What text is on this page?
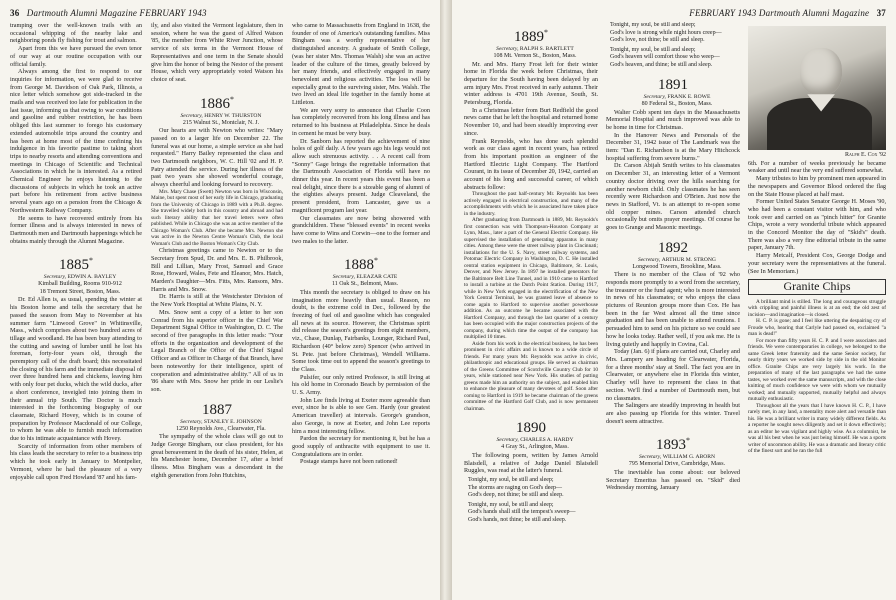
36 Dartmouth Alumni Magazine FEBRUARY 1943

tramping over the well-known trails with an occasional whipping of the nearby lake and neighboring ponds fly fishing for trout and salmon.

Apart from this we have pursued the even tenor of our way at our routine occupation with our official family.

Always among the first to respond to our inquiries for information, we were glad to receive from George M. Davidson of Oak Park, Illinois, a nice letter which somehow got side-tracked in the mails and was received too late for publication in the last issue, informing us that owing to war conditions and gasoline and rubber restriction, he has been obliged this last summer to forego his customary extended automobile trips around the country and has been at home most of the time confining his indulgence in his favorite pastime to taking short trips to nearby resorts and attending conventions and meetings in Chicago of Scientific and Technical Associations in which he is interested. As a retired Chemical Engineer he enjoys listening to the discussions of subjects in which he took an active part before his retirement from active business several years ago on a pension from the Chicago & Northwestern Railway Company.

He seems to have recovered entirely from his former illness and is always interested in news of Dartmouth men and Dartmouth happenings which he obtains mainly through the Alumni Magazine.

1885*

Secretary, EDWIN A. BAYLEY

Kimball Building, Rooms 910-912

18 Tremont Street, Boston, Mass.

Dr. Ed Allen is, as usual, spending the winter at his Boston home and tells the secretary that he passed the season from May to November at his summer farm "Linwood Grove" in Whitinsville, Mass., which comprises about two hundred acres of tillage and woodland. He has been busy attending to the cutting and sawing of lumber until he lost his foreman, forty-four years old, through the peremptory call of the draft board; this necessitated the closing of his farm and the immediate disposal of over three hundred hens and chickens, leaving him with only four pet ducks, which the wild ducks, after a short conference, inveigled into joining them in their annual trip South. The Doctor is much interested in the forthcoming biography of our classmate, Richard Hovey, which is in course of preparation by Professor Macdonald of our College, to whom he was able to furnish much information due to his intimate acquaintance with Hovey.

Scarcity of information from other members of his class leads the secretary to refer to a business trip which he took early in January to Montpelier, Vermont, where he had the pleasure of a very enjoyable call upon Fred Howland '87 and his fam-

ily, and also visited the Vermont legislature, then in session, where he was the guest of Alfred Watson '85, the member from White River Junction, whose service of six terms in the Vermont House of Representatives and one term in the Senate should give him the honor of being the Nestor of the present House, which very appropriately voted Watson his choice of seat.

1886*

Secretary, HENRY W. THURSTON

215 Walnut St., Montclair, N. J.

Our hearts are with Newton who writes: "Mary passed on to a larger life on December 22. The funeral was at our home, a simple service as she had requested." Harry Bailey represented the class and two Dartmouth neighbors, W. C. Hill '02 and H. P. Patry attended the service. During her illness of the past two years she showed wonderful courage, always cheerful and looking forward to recovery.

Mrs. Mary Chase (Swett) Newton was born in Wisconsin, Maine, but spent most of her early life in Chicago, graduating from the University of Chicago in 1889 with a Ph.B. degree. She travelled widely both in this country and abroad and had such literary ability that her travel letters were often published. While in Chicago she was an active member of the Chicago Woman's Club. After she became Mrs. Newton she was active in the Newton Centre Woman's Club, the local Woman's Club and the Boston Woman's City Club.

Christmas greetings came to Newton or to the Secretary from Spud, Dr. and Mrs. E. B. Philbrook, Bill and Lillian, Mary Frost, Samuel and Grace Rose, Howard, Wales, Fete and Eleanor, Mrs. Hatch, Marden's Daughter—Mrs. Fitts, Mrs. Ransom, Mrs. Harris and Mrs. Snow.

Dr. Harris is still at the Westchester Division of the New York Hospital at White Plains, N. Y.

Mrs. Snow sent a copy of a letter to her son Conrad from his superior officer in the Chief War Department Signal Office in Washington, D. C. The second of five paragraphs in this letter reads: "Your efforts in the organization and development of the Legal Branch of the Office of the Chief Signal Officer and as Officer in Charge of that Branch, have been noteworthy for their intelligence, spirit of cooperation and administrative ability." All of us in '86 share with Mrs. Snow her pride in our Leslie's son.

1887

Secretary, STANLEY E. JOHNSON

1250 Reynolds Ave., Clearwater, Fla.

The sympathy of the whole class will go out to Judge George Bingham, our class president, for his great bereavement in the death of his sister, Helen, at his Manchester home, December 17, after a brief illness. Miss Bingham was a descendant in the eighth generation from John Hutchins,

who came to Massachusetts from England in 1638, the founder of one of America's outstanding families. Miss Bingham was a worthy representative of her distinguished ancestry. A graduate of Smith College, (was her sister Mrs. Thomas Walsh) she was an active leader of the culture of the times, greatly beloved by her many friends, and effectively engaged in many benevolent and religious activities. The loss will be especially great to the surviving sister, Mrs. Walsh. The two lived an ideal life together in the family home at Littleton.

We are very sorry to announce that Charlie Coon has completely recovered from his long illness and has returned to his business at Philadelphia. Since he deals in cement he must be very busy.

Dr. Sanborn has reported the achievement of nine holes of golf daily. A few years ago his legs would not allow such strenuous activity. . . A recent call from "Sonny" Gage brings the regrettable information that the Dartmouth Association of Florida will have no dinner this year. In recent years this event has been a real delight, since there is a sizeable gang of alumni of the eighties always present. Judge Cleaveland, the present president, from Lancaster, gave us a magnificent program last year.

Our classmates are now being showered with grandchildren. These "blessed events" in recent weeks have come to Wins and Corwin—one to the former and two males to the latter.

1888*

Secretary, ELEAZAR CATE

11 Oak St., Belmont, Mass.

This month the secretary is obliged to draw on his imagination more heavily than usual. Reason, no doubt, is the extreme cold in Dec., followed by the freezing of fuel oil and gasoline which has congealed all news at its source. However, the Christmas spirit did release the season's greetings from eight members, viz., Chase, Dunlap, Fairbanks, Lounger, Richard Paul, Richardson (40° below zero) Spencer (who arrived in St. Pete. just before Christmas), Wendell Williams. Some took time out to append the season's greetings to the Class.

Pulsifer, our only retired Professor, is still living at his old home in Coronado Beach by permission of the U. S. Army.

John Lee finds living at Exeter more agreeable than ever, since he is able to see Gen. Hardy (our greatest American traveller) at intervals. George's grandson, also George, is now at Exeter, and John Lee reports him a most interesting fellow.

Pardon the secretary for mentioning it, but he has a good supply of anthracite with equipment to use it. Congratulations are in order.

Postage stamps have not been rationed!

FEBRUARY 1943 Dartmouth Alumni Magazine 37
1889*

Secretary, RALPH S. BARTLETT

108 Mt. Vernon St., Boston, Mass.

Mr. and Mrs. Harry Frost left for their winter home in Florida the week before Christmas, their departure for the South having been delayed by an arm injury Mrs. Frost received in early autumn. Their winter address is 4701 19th Avenue, South, St. Petersburg, Florida.

In a Christmas letter from Burt Redfield the good news came that he left the hospital and returned home November 10, and had been steadily improving ever since.

Frank Reynolds, who has done such splendid work as our class agent in recent years, has retired from his important position as engineer of the Hartford Electric Light Company. The Hartford Courant, in its issue of December 20, 1942, carried an account of his long and successful career, of which abstracts follow:

Throughout the past half-century Mr. Reynolds has been actively engaged in electrical construction, and many of the accomplishments with which he is associated have taken place in the industry.

After graduating from Dartmouth in 1889, Mr. Reynolds's first connection was with Thompson-Houston Company at Lynn, Mass., later a part of the General Electric Company. He supervised the installation of generating apparatus in many cities. Among these were the street railway plant in Cincinnati; installations for the U. S. Navy, street railway systems, and Potomac Electric Company in Washington, D. C. He installed central station equipment in Chicago, Baltimore, St. Louis, Denver, and New Jersey. In 1897 he installed generators for the Baltimore Belt Line Tunnel, and in 1910 came to Hartford to install a turbine at the Dutch Point Station. During 1917, while in New York engaged in the electrification of the New York Central Terminal, he was granted leave of absence to come again to Hartford to supervise another powerhouse addition. As an outcome he became associated with the Hartford Company, and through the last quarter of a century has been occupied with the major construction projects of the company, during which time the output of the company has multiplied 10 times.

Aside from his work in the electrical business, he has been prominent in civic affairs and is known to a wide circle of friends. For many years Mr. Reynolds was active in civic, philanthropic and educational groups. He served as chairman of the Greens Committee of Scotchville Country Club for 10 years, while stationed near New York. His studies of putting greens made him an authority on the subject, and enabled him to enhance the pleasure of many devotees of golf. Soon after coming to Hartford in 1919 he became chairman of the greens committee of the Hartford Golf Club, and is now permanent chairman.

1890

Secretary, CHARLES A. HARDY

4 Gray St., Arlington, Mass.

The following poem, written by James Arnold Blaisdell, a relative of Judge Daniel Blaisdell Ruggles, was read at the latter's funeral.

Tonight, my soul, be still and sleep;
The storms are raging on God's deep—
God's deep, not thine; be still and sleep.
Tonight, my soul, be still and sleep;
God's hands shall still the tempest's sweep—
God's hands, not thine; be still and sleep.
Tonight, my soul, be still and sleep;
God's love is strong while night hours creep—
God's love, not thine; be still and sleep.
Tonight, my soul, be still and sleep;
God's heaven will comfort those who weep—
God's heaven, and thine; be still and sleep.
1891

Secretary, FRANK E. ROWE

80 Federal St., Boston, Mass.

Walter Cobb spent ten days in the Massachusetts Memorial Hospital and much improved was able to be home in time for Christmas.

In the Hanover News and Personals of the December 31, 1942 issue of The Landmark was the item: "Dan E. Richardson is at the Mary Hitchcock hospital suffering from severe burns."

Dr. Carson Abijah Smith writes to his classmates on December 31, an interesting letter of a Vermont country doctor driving over the hills searching for another newborn child. Only classmates he has seen recently were Richardson and O'Brien. Just now the news in Stafford, Vt. is an attempt to re-open some old copper mines. Carson attended church occasionally but omits prayer meetings. Of course he goes to Grange and Masonic meetings.

1892

Secretary, ARTHUR M. STRONG

Longwood Towers, Brookline, Mass.

There is no member of the Class of '92 who responds more promptly to a word from the secretary, the treasurer or the fund agent; who is more interested in news of his classmates; or who enjoys the class pictures of Reunion groups more than Cox. He has been in the far West almost all the time since graduation and has been unable to attend reunions. I persuaded him to send on his picture so we could see how he looks today. Rather well, if you ask me. He is living quietly and happily in Covina, Cal.

Today (Jan. 6) if plans are carried out, Charley and Mrs. Lampery are heading for Clearwater, Florida, for a three months' stay at Snell. The fact you are in Clearwater, or anywhere else in Florida this winter, Charley will have to represent the class in that section. We'll find a number of Dartmouth men, but no classmates.

The Salingers are steadily improving in health but are also passing up Florida for this winter. Travel doesn't seem attractive.

1893*

Secretary, WILLIAM G. ABORN

795 Memorial Drive, Cambridge, Mass.

The inevitable has come about: our beloved Secretary Emeritus has passed on. "Skid" died Wednesday morning, January

Ralph E. Cox '92

6th. For a number of weeks previously he became weaker and until near the very end suffered somewhat.

Many tributes to him by prominent men appeared in the newspapers and Governor Blood ordered the flag on the State House placed at half mast.

Former United States Senator George H. Moses '90, who had been a constant visitor with him, and who took over and carried on as "pinch hitter" for Granite Chips, wrote a very wonderful tribute which appeared in the Concord Monitor the day of "Skid's" death. There was also a very fine editorial tribute in the same paper, January 7th.

Harry Metcalf, President Cox, George Dodge and your secretary were the representatives at the funeral. (See In Memoriam.)

Granite Chips

A brilliant mind is stilled. The long and courageous struggle with crippling and painful illness is at an end; the old zest of incision—and imagination—is closed.

H. C. P. is gone; and I feel like uttering the despairing cry of Froude who, hearing that Carlyle had passed on, exclaimed "a man is dead!"

For more than fifty years H. C. P. and I were associates and friends. We were contemporaries in college, we belonged to the same Greek letter fraternity and the same Senior society, for nearly thirty years we worked side by side in the old Monitor office. Granite Chips are very largely his work. In the preparation of many of the last paragraphs we had the same tastes, we worked over the same manuscripts, and with the close knitting of much confidence we were with whom we mutually worked; and mutually supported, mutually helpful and always mutually enthusiastic.

Throughout all the years that I have known H. C. P., I have rarely met, in any land, a mentality more alert and versatile than his. He was a brilliant writer in many widely different fields. As a reporter he sought news diligently and set it down effectively; as an editor he was vigilant and highly wise. As a columnist, he was all his best when he was just being himself. He was a sports writer of uncommon ability. He was a dramatic and literary critic of the finest sort and he ran the full
